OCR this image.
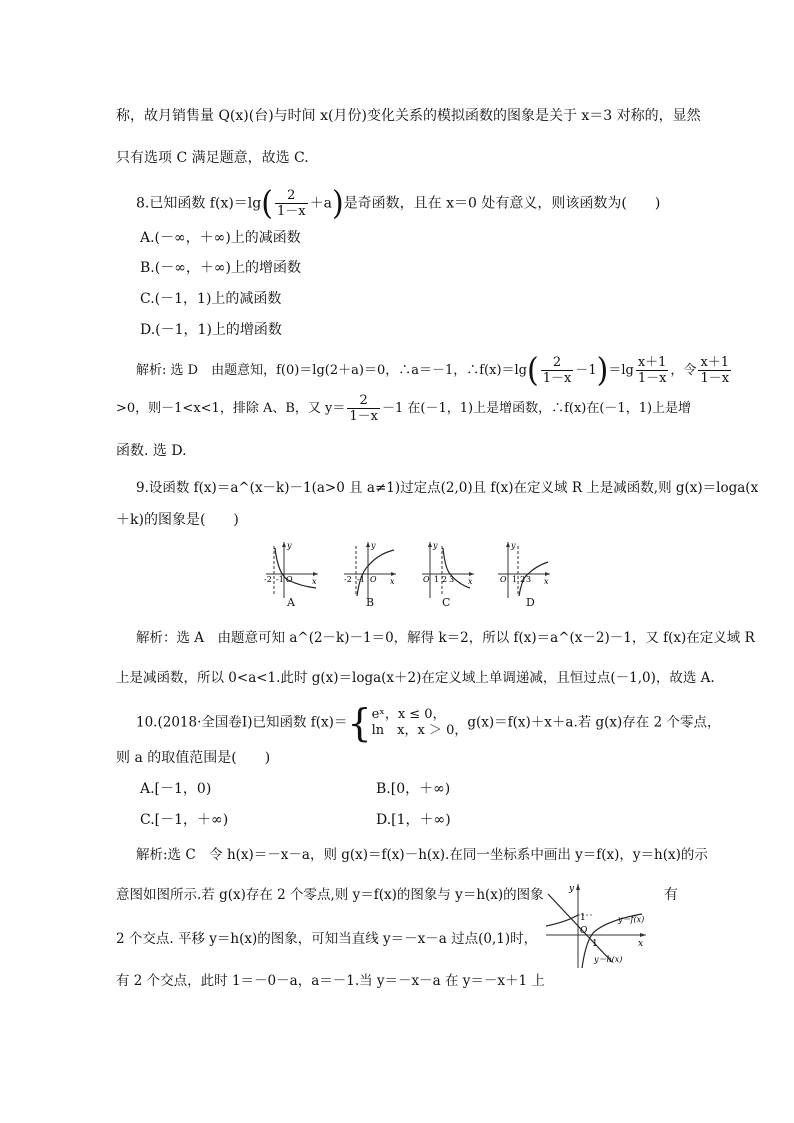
称，故月销售量 Q(x)(台)与时间 x(月份)变化关系的模拟函数的图象是关于 x＝3 对称的，显然
只有选项 C 满足题意，故选 C.
8.已知函数 $f(x)=\lg( \frac{2}{1-x} +a)$是奇函数，且在 x＝0 处有意义，则该函数为(　　)
A.(－∞，＋∞)上的减函数
B.(－∞，＋∞)上的增函数
C.(－1，1)上的减函数
D.(－1，1)上的增函数
解析: 选 D　由题意知，f(0)＝lg(2＋a)＝0，∴a＝－1，∴f(x)＝lg( $\frac{2}{1-x} -1)=\lg \frac{x+1}{1-x}$ ，令 $\frac{x+1}{1-x}$
>0，则－1<x<1，排除 A、B，又 $y= \frac{2}{1-x} -1$ 在(－1，1)上是增函数，∴f(x)在(－1，1)上是增
函数. 选 D.
9.设函数 f(x)＝a^(x－k)－1(a>0 且 a≠1)过定点(2,0)且 f(x)在定义域 R 上是减函数,则 g(x)＝loga(x
＋k)的图象是(　　)
y
x
-2 -1 O
A
y
x
-2 -1 O
B
y
x
O 1 2 3
C
y
x
O 1 2 3
D
解析：选 A　由题意可知 a^(2－k)－1＝0，解得 k＝2，所以 f(x)＝a^(x－2)－1，又 f(x)在定义域 R
上是减函数，所以 0<a<1.此时 g(x)＝loga(x＋2)在定义域上单调递减，且恒过点(－1,0)，故选 A.
10.(2018·全国卷Ⅰ)已知函数 f(x)＝{ eˣ，x ≤ 0，
ln　x，x ＞ 0， g(x)＝f(x)＋x＋a.若 g(x)存在 2 个零点，
则 a 的取值范围是(　　)
A.[－1，0)	B.[0，＋∞)
C.[－1，＋∞)	D.[1，＋∞)
解析:选 C　令 h(x)＝－x－a，则 g(x)＝f(x)－h(x).在同一坐标系中画出 y＝f(x)，y＝h(x)的示
意图如图所示.若 g(x)存在 2 个零点,则 y＝f(x)的图象与 y＝h(x)的图象	有
2 个交点. 平移 y＝h(x)的图象，可知当直线 y＝－x－a 过点(0,1)时，
有 2 个交点，此时 1＝－0－a，a＝－1.当 y＝－x－a 在 y＝－x＋1 上
y
x
1
O
1
y＝f(x)
y＝h(x)
